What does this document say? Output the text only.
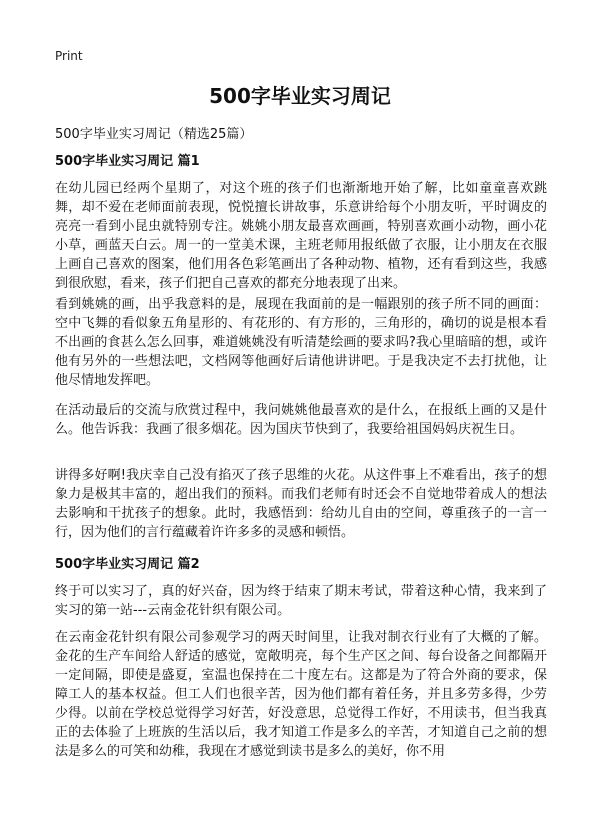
Print
500字毕业实习周记

500字毕业实习周记（精选25篇）

500字毕业实习周记 篇1

在幼儿园已经两个星期了，对这个班的孩子们也渐渐地开始了解，比如童童喜欢跳舞，却不爱在老师面前表现，悦悦擅长讲故事，乐意讲给每个小朋友听，平时调皮的亮亮一看到小昆虫就特别专注。姚姚小朋友最喜欢画画，特别喜欢画小动物，画小花小草，画蓝天白云。周一的一堂美术课，主班老师用报纸做了衣服，让小朋友在衣服上画自己喜欢的图案，他们用各色彩笔画出了各种动物、植物，还有看到这些，我感到很欣慰，看来，孩子们把自己喜欢的都充分地表现了出来。

看到姚姚的画，出乎我意料的是，展现在我面前的是一幅跟别的孩子所不同的画面：空中飞舞的看似象五角星形的、有花形的、有方形的，三角形的，确切的说是根本看不出画的食甚么怎么回事，难道姚姚没有听清楚绘画的要求吗?我心里暗暗的想，或许他有另外的一些想法吧，文档网等他画好后请他讲讲吧。于是我决定不去打扰他，让他尽情地发挥吧。

在活动最后的交流与欣赏过程中，我问姚姚他最喜欢的是什么，在报纸上画的又是什么。他告诉我：我画了很多烟花。因为国庆节快到了，我要给祖国妈妈庆祝生日。

讲得多好啊!我庆幸自己没有掐灭了孩子思维的火花。从这件事上不难看出，孩子的想象力是极其丰富的，超出我们的预料。而我们老师有时还会不自觉地带着成人的想法去影响和干扰孩子的想象。此时，我感悟到：给幼儿自由的空间，尊重孩子的一言一行，因为他们的言行蕴藏着许许多多的灵感和顿悟。

500字毕业实习周记 篇2

终于可以实习了，真的好兴奋，因为终于结束了期末考试，带着这种心情，我来到了实习的第一站---云南金花针织有限公司。

在云南金花针织有限公司参观学习的两天时间里，让我对制衣行业有了大概的了解。金花的生产车间给人舒适的感觉，宽敞明亮，每个生产区之间、每台设备之间都隔开一定间隔，即使是盛夏，室温也保持在二十度左右。这都是为了符合外商的要求，保障工人的基本权益。但工人们也很辛苦，因为他们都有着任务，并且多劳多得，少劳少得。以前在学校总觉得学习好苦，好没意思，总觉得工作好，不用读书，但当我真正的去体验了上班族的生活以后，我才知道工作是多么的辛苦，才知道自己之前的想法是多么的可笑和幼稚，我现在才感觉到读书是多么的美好，你不用
